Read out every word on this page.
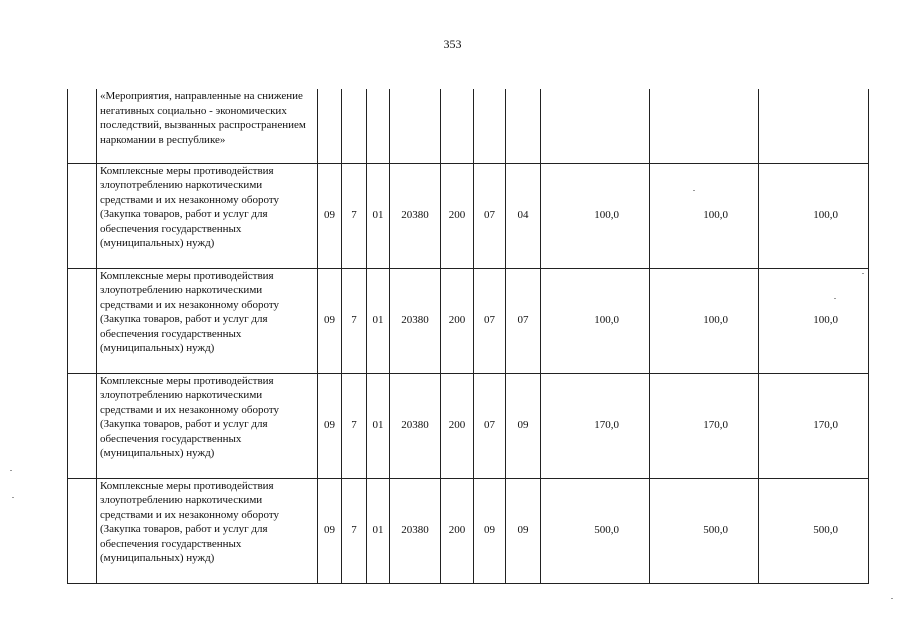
353
	«Мероприятия, направленные на снижение негативных социально - экономических последствий, вызванных распространением наркомании в республике»										
	Комплексные меры противодействия злоупотреблению наркотическими средствами и их незаконному обороту (Закупка товаров, работ и услуг для обеспечения государственных (муниципальных) нужд)	09	7	01	20380	200	07	04	100,0	100,0	100,0
	Комплексные меры противодействия злоупотреблению наркотическими средствами и их незаконному обороту (Закупка товаров, работ и услуг для обеспечения государственных (муниципальных) нужд)	09	7	01	20380	200	07	07	100,0	100,0	100,0
	Комплексные меры противодействия злоупотреблению наркотическими средствами и их незаконному обороту (Закупка товаров, работ и услуг для обеспечения государственных (муниципальных) нужд)	09	7	01	20380	200	07	09	170,0	170,0	170,0
	Комплексные меры противодействия злоупотреблению наркотическими средствами и их незаконному обороту (Закупка товаров, работ и услуг для обеспечения государственных (муниципальных) нужд)	09	7	01	20380	200	09	09	500,0	500,0	500,0
